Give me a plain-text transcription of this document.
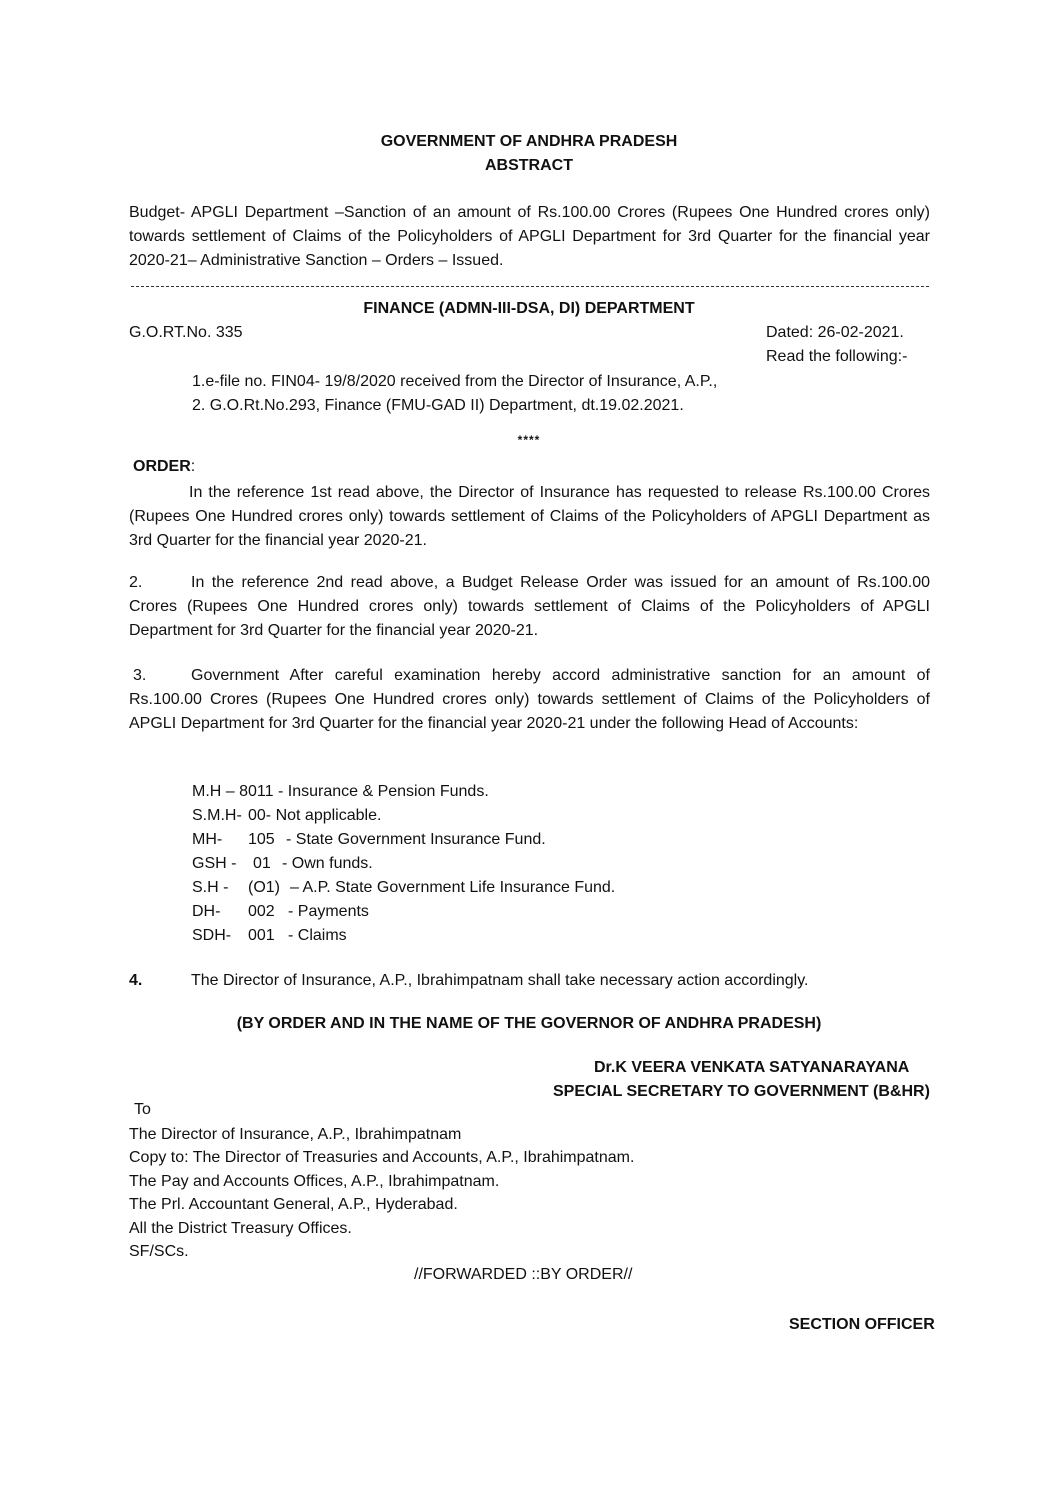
GOVERNMENT OF ANDHRA PRADESH

ABSTRACT

Budget- APGLI Department –Sanction of an amount of Rs.100.00 Crores (Rupees One Hundred crores only) towards settlement of Claims of the Policyholders of APGLI Department for 3rd Quarter for the financial year 2020-21– Administrative Sanction – Orders – Issued.

FINANCE (ADMN-III-DSA, DI) DEPARTMENT

G.O.RT.No. 335	Dated: 26-02-2021.

Read the following:-

1.e-file no. FIN04- 19/8/2020 received from the Director of Insurance, A.P.,

2. G.O.Rt.No.293, Finance (FMU-GAD II) Department, dt.19.02.2021.

****

ORDER:

In the reference 1st read above, the Director of Insurance has requested to release Rs.100.00 Crores (Rupees One Hundred crores only) towards settlement of Claims of the Policyholders of APGLI Department as 3rd Quarter for the financial year 2020-21.

2.	In the reference 2nd read above, a Budget Release Order was issued for an amount of Rs.100.00 Crores (Rupees One Hundred crores only) towards settlement of Claims of the Policyholders of APGLI Department for 3rd Quarter for the financial year 2020-21.

3.	Government After careful examination hereby accord administrative sanction for an amount of Rs.100.00 Crores (Rupees One Hundred crores only) towards settlement of Claims of the Policyholders of APGLI Department for 3rd Quarter for the financial year 2020-21 under the following Head of Accounts:

M.H – 8011 - Insurance & Pension Funds.
S.M.H- 00- Not applicable.
MH- 105 - State Government Insurance Fund.
GSH - 01 - Own funds.
S.H - (O1) – A.P. State Government Life Insurance Fund.
DH- 002 - Payments
SDH- 001 - Claims

4.	The Director of Insurance, A.P., Ibrahimpatnam shall take necessary action accordingly.

(BY ORDER AND IN THE NAME OF THE GOVERNOR OF ANDHRA PRADESH)

Dr.K VEERA VENKATA SATYANARAYANA

SPECIAL SECRETARY TO GOVERNMENT (B&HR)

To

The Director of Insurance, A.P., Ibrahimpatnam
Copy to: The Director of Treasuries and Accounts, A.P., Ibrahimpatnam.
The Pay and Accounts Offices, A.P., Ibrahimpatnam.
The Prl. Accountant General, A.P., Hyderabad.
All the District Treasury Offices.
SF/SCs.

//FORWARDED ::BY ORDER//

SECTION OFFICER
